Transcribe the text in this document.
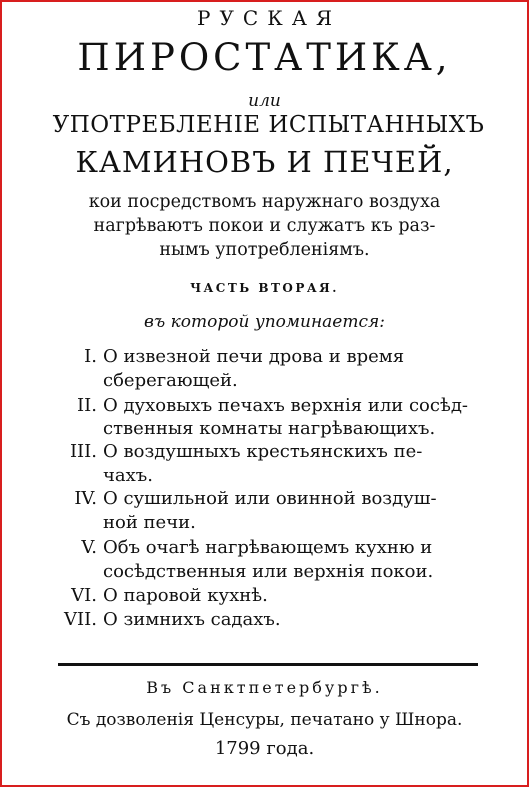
РУСКАЯ
ПИРОСТАТИКА,
или
УПОТРЕБЛЕНІЕ ИСПЫТАННЫХЪ
КАМИНОВЪ И ПЕЧЕЙ,
кои посредствомъ наружнаго воздуха
нагрѣваютъ покои и служатъ къ раз-
нымъ употребленіямъ.
ЧАСТЬ ВТОРАЯ.
въ которой упоминается:
I. О извезной печи дрова и время
сберегающей.
II. О духовыхъ печахъ верхнія или сосѣд-
ственныя комнаты нагрѣвающихъ.
III. О воздушныхъ крестьянскихъ пе-
чахъ.
IV. О сушильной или овинной воздуш-
ной печи.
V. Объ очагѣ нагрѣвающемъ кухню и
сосѣдственныя или верхнія покои.
VI. О паровой кухнѣ.
VII. О зимнихъ садахъ.
Въ Санктпетербургѣ.
Съ дозволенія Ценсуры, печатано у Шнора.
1799 года.
